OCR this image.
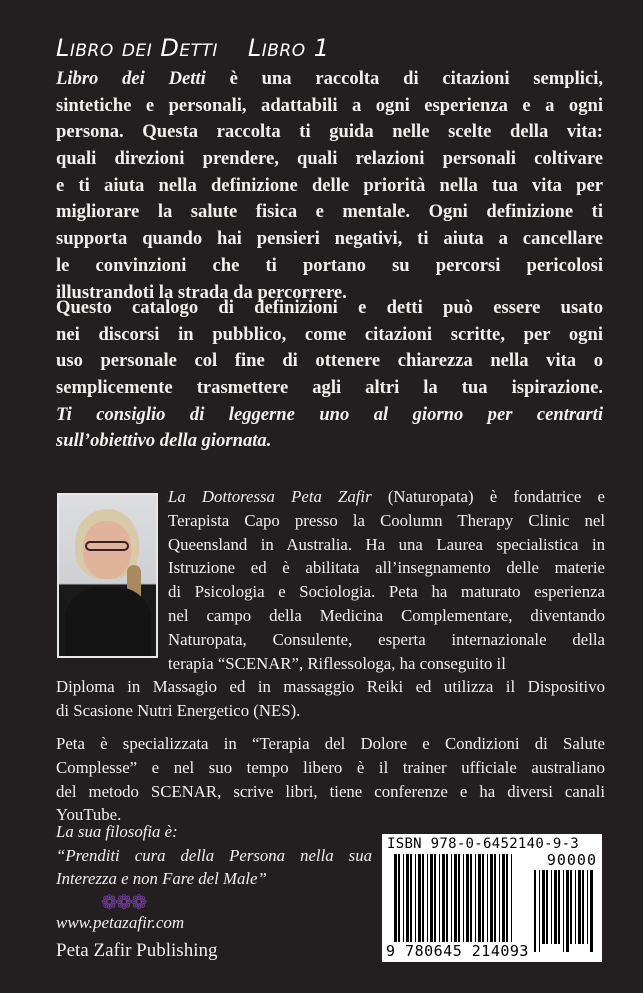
Libro dei Detti Libro 1
Libro dei Detti è una raccolta di citazioni semplici,
sintetiche e personali, adattabili a ogni esperienza e a ogni
persona. Questa raccolta ti guida nelle scelte della vita:
quali direzioni prendere, quali relazioni personali coltivare
e ti aiuta nella definizione delle priorità nella tua vita per
migliorare la salute fisica e mentale. Ogni definizione ti
supporta quando hai pensieri negativi, ti aiuta a cancellare
le convinzioni che ti portano su percorsi pericolosi
illustrandoti la strada da percorrere.
Questo catalogo di definizioni e detti può essere usato
nei discorsi in pubblico, come citazioni scritte, per ogni
uso personale col fine di ottenere chiarezza nella vita o
semplicemente trasmettere agli altri la tua ispirazione.
Ti consiglio di leggerne uno al giorno per centrarti
sull’obiettivo della giornata.
La Dottoressa Peta Zafir (Naturopata) è fondatrice e
Terapista Capo presso la Coolumn Therapy Clinic nel
Queensland in Australia. Ha una Laurea specialistica in
Istruzione ed è abilitata all’insegnamento delle materie
di Psicologia e Sociologia. Peta ha maturato esperienza
nel campo della Medicina Complementare, diventando
Naturopata, Consulente, esperta internazionale della
terapia “SCENAR”, Riflessologa, ha conseguito il
Diploma in Massagio ed in massaggio Reiki ed utilizza il Dispositivo
di Scasione Nutri Energetico (NES).
Peta è specializzata in “Terapia del Dolore e Condizioni di Salute
Complesse” e nel suo tempo libero è il trainer ufficiale australiano
del metodo SCENAR, scrive libri, tiene conferenze e ha diversi canali
YouTube.
La sua filosofia è:
“Prenditi cura della Persona nella sua
Interezza e non Fare del Male”
❁❁❁
www.petazafir.com
Peta Zafir Publishing
ISBN 978-0-6452140-9-3
90000
9 780645 214093
